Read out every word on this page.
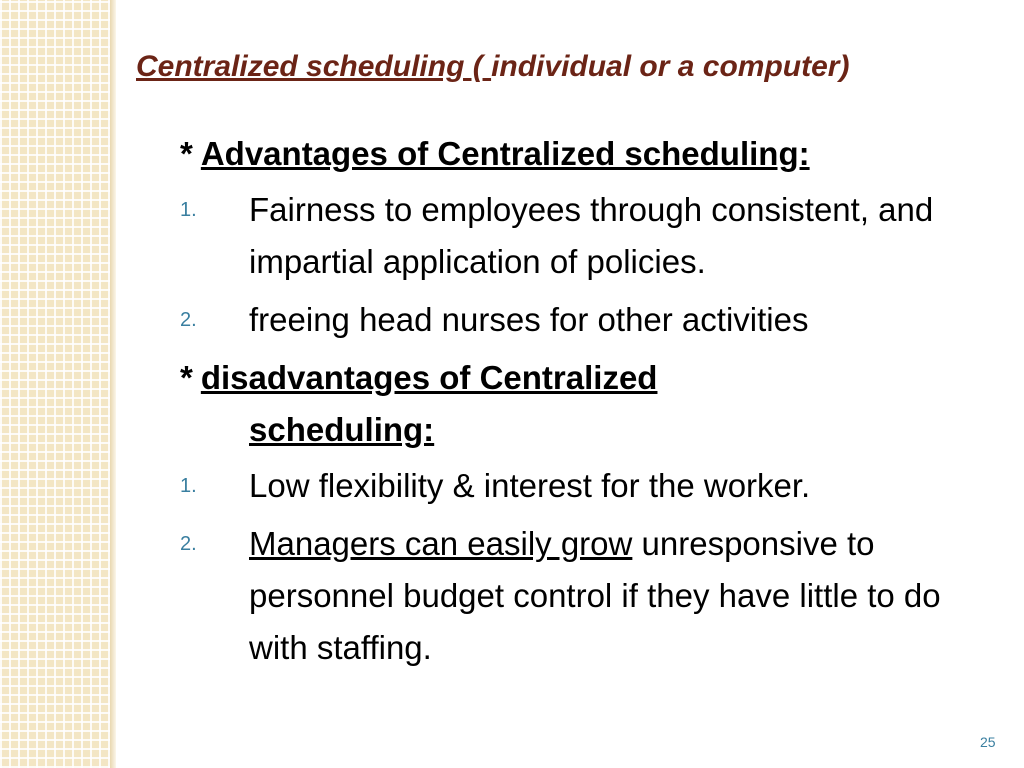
Centralized scheduling ( individual or a computer)
* Advantages of Centralized scheduling:
1. Fairness to employees through consistent, and impartial application of policies.
2. freeing head nurses for other activities
* disadvantages of Centralized
scheduling:
1. Low flexibility & interest for the worker.
2. Managers can easily grow unresponsive to personnel budget control if they have little to do with staffing.
25
